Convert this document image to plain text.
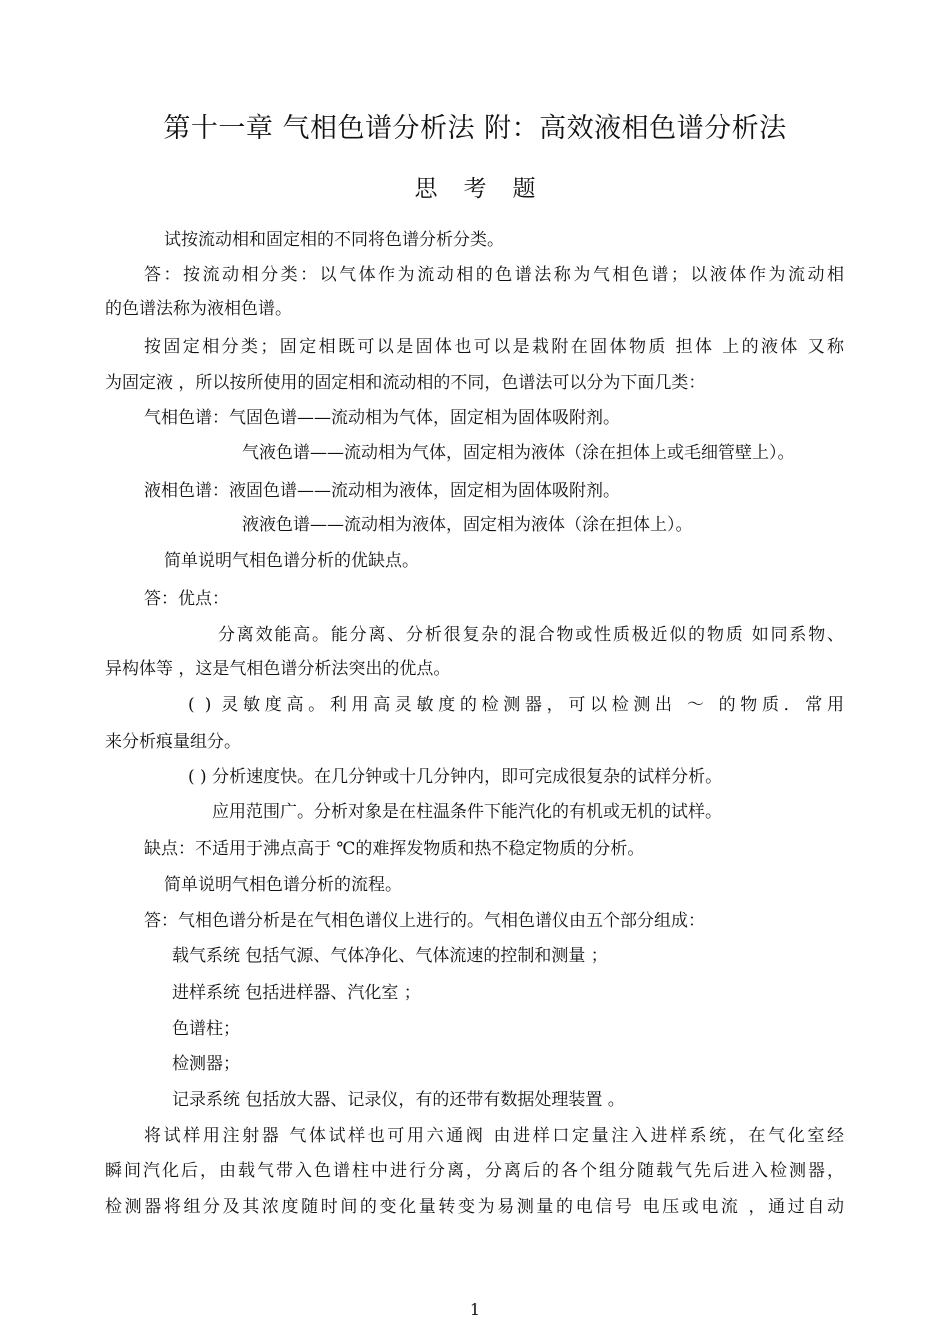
第十一章 气相色谱分析法 附：高效液相色谱分析法
思考题
试按流动相和固定相的不同将色谱分析分类。
答：按流动相分类：以气体作为流动相的色谱法称为气相色谱；以液体作为流动相
的色谱法称为液相色谱。
按固定相分类；固定相既可以是固体也可以是栽附在固体物质 担体 上的液体 又称
为固定液 ，所以按所使用的固定相和流动相的不同，色谱法可以分为下面几类：
气相色谱：气固色谱——流动相为气体，固定相为固体吸附剂。
气液色谱——流动相为气体，固定相为液体（涂在担体上或毛细管壁上）。
液相色谱：液固色谱——流动相为液体，固定相为固体吸附剂。
液液色谱——流动相为液体，固定相为液体（涂在担体上）。
简单说明气相色谱分析的优缺点。
答：优点：
分离效能高。能分离、分析很复杂的混合物或性质极近似的物质 如同系物、
异构体等 ，这是气相色谱分析法突出的优点。
( ) 灵敏度高。利用高灵敏度的检测器，可以检测出 ～ 的物质．常用
来分析痕量组分。
( ) 分析速度快。在几分钟或十几分钟内，即可完成很复杂的试样分析。
应用范围广。分析对象是在柱温条件下能汽化的有机或无机的试样。
缺点：不适用于沸点高于 ℃的难挥发物质和热不稳定物质的分析。
简单说明气相色谱分析的流程。
答：气相色谱分析是在气相色谱仪上进行的。气相色谱仪由五个部分组成：
载气系统 包括气源、气体净化、气体流速的控制和测量 ；
进样系统 包括进样器、汽化室 ；
色谱柱；
检测器；
记录系统 包括放大器、记录仪，有的还带有数据处理装置 。
将试样用注射器 气体试样也可用六通阀 由进样口定量注入进样系统，在气化室经
瞬间汽化后，由载气带入色谱柱中进行分离，分离后的各个组分随载气先后进入检测器，
检测器将组分及其浓度随时间的变化量转变为易测量的电信号 电压或电流 ，通过自动
1
